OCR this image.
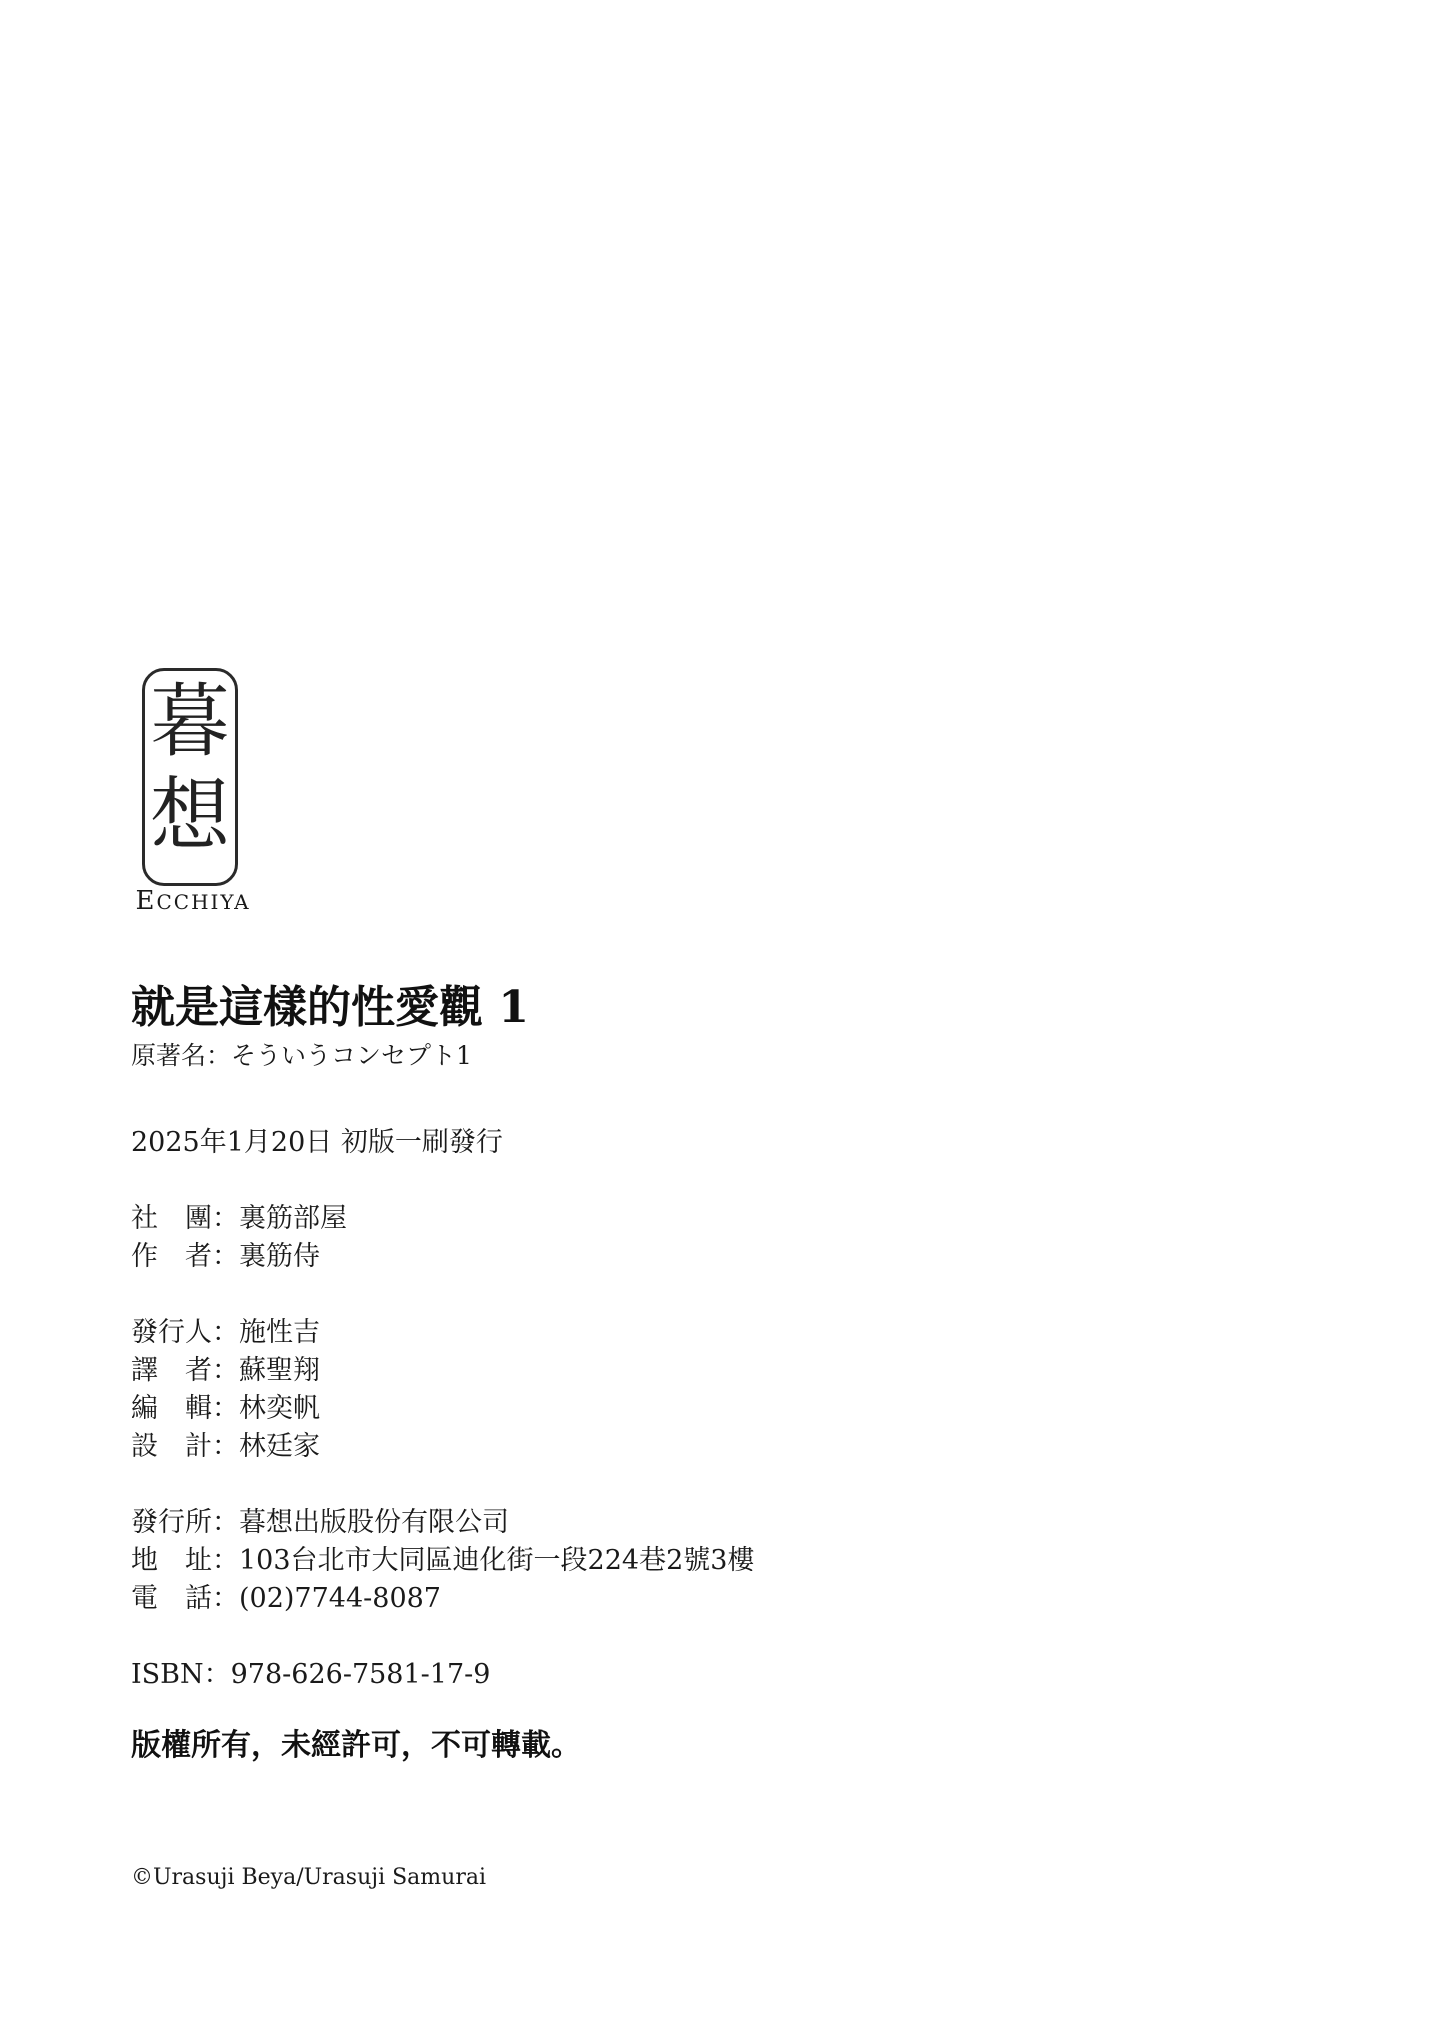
暮
想
ECCHIYA
就是這樣的性愛觀 1
原著名：そういうコンセプト1
2025年1月20日 初版一刷發行
社　團：裏筋部屋
作　者：裏筋侍
發行人：施性吉
譯　者：蘇聖翔
編　輯：林奕帆
設　計：林廷家
發行所：暮想出版股份有限公司
地　址：103台北市大同區迪化街一段224巷2號3樓
電　話：(02)7744-8087
ISBN：978-626-7581-17-9
版權所有，未經許可，不可轉載。
©Urasuji Beya/Urasuji Samurai
